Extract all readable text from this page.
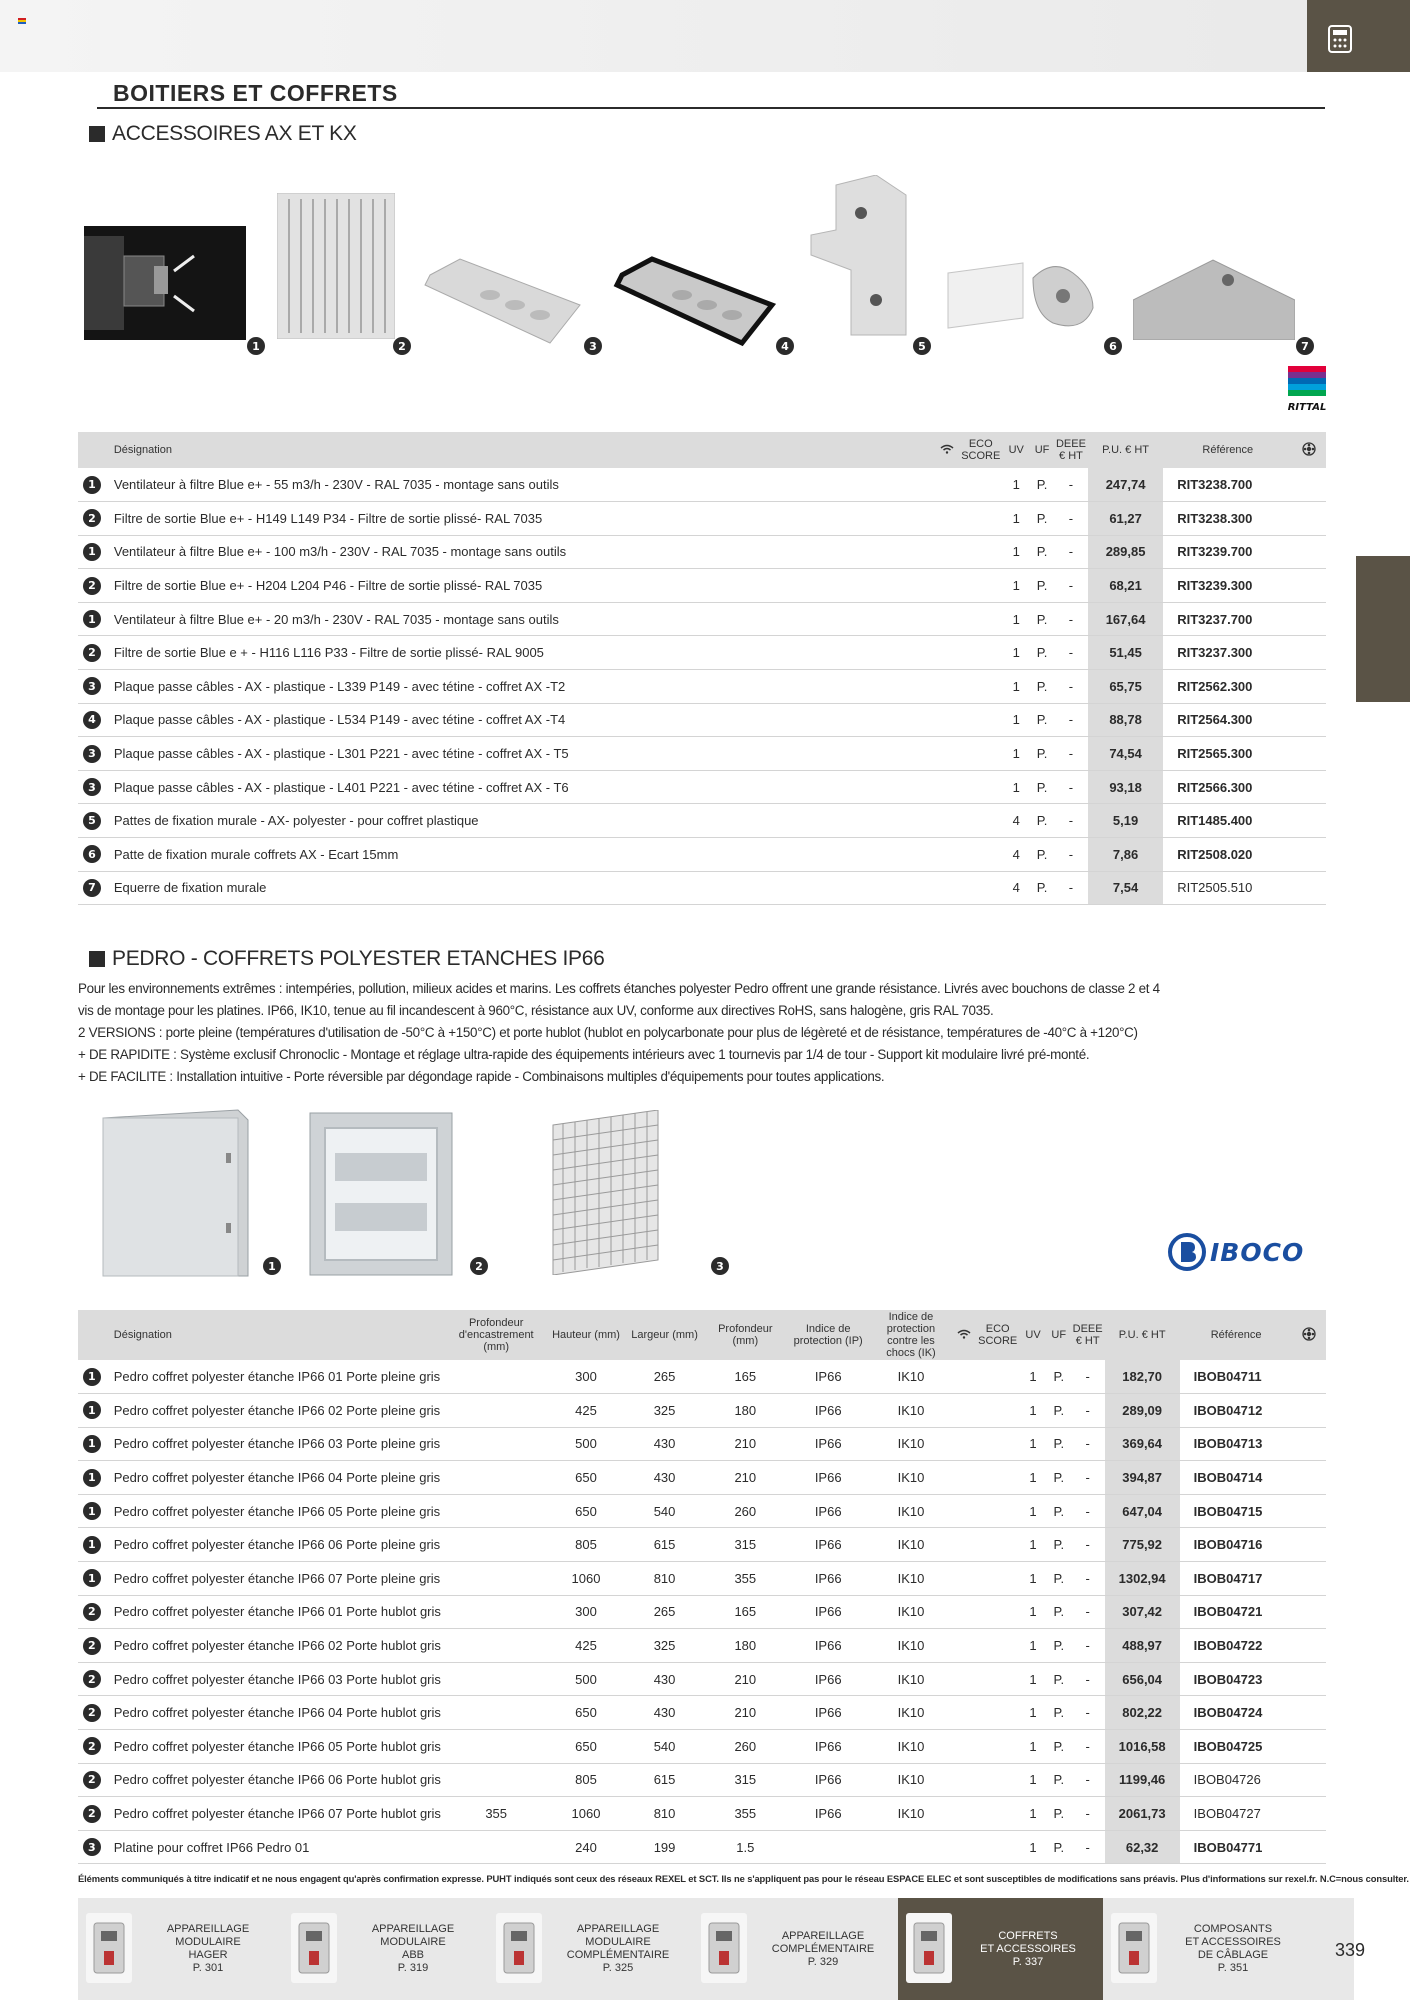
BOITIERS ET COFFRETS
ACCESSOIRES AX ET KX
1	2	3	4	5	6	7
RITTAL
	Désignation		ECO SCORE	UV	UF	DEEE € HT	P.U. € HT	Référence	
1	Ventilateur à filtre Blue e+ - 55 m3/h - 230V - RAL 7035 - montage sans outils			1	P.	-	247,74	RIT3238.700	
2	Filtre de sortie Blue e+ - H149 L149 P34 - Filtre de sortie plissé- RAL 7035			1	P.	-	61,27	RIT3238.300	
1	Ventilateur à filtre Blue e+ - 100 m3/h - 230V - RAL 7035 - montage sans outils			1	P.	-	289,85	RIT3239.700	
2	Filtre de sortie Blue e+ - H204 L204 P46 - Filtre de sortie plissé- RAL 7035			1	P.	-	68,21	RIT3239.300	
1	Ventilateur à filtre Blue e+ - 20 m3/h - 230V - RAL 7035 - montage sans outils			1	P.	-	167,64	RIT3237.700	
2	Filtre de sortie Blue e + - H116 L116 P33 - Filtre de sortie plissé- RAL 9005			1	P.	-	51,45	RIT3237.300	
3	Plaque passe câbles - AX - plastique - L339 P149 - avec tétine - coffret AX -T2			1	P.	-	65,75	RIT2562.300	
4	Plaque passe câbles - AX - plastique - L534 P149 - avec tétine - coffret AX -T4			1	P.	-	88,78	RIT2564.300	
3	Plaque passe câbles - AX - plastique - L301 P221 - avec tétine - coffret AX - T5			1	P.	-	74,54	RIT2565.300	
3	Plaque passe câbles - AX - plastique - L401 P221 - avec tétine - coffret AX - T6			1	P.	-	93,18	RIT2566.300	
5	Pattes de fixation murale - AX- polyester - pour coffret plastique			4	P.	-	5,19	RIT1485.400	
6	Patte de fixation murale coffrets AX - Ecart 15mm			4	P.	-	7,86	RIT2508.020	
7	Equerre de fixation murale			4	P.	-	7,54	RIT2505.510	
PEDRO - COFFRETS POLYESTER ETANCHES IP66

Pour les environnements extrêmes : intempéries, pollution, milieux acides et marins. Les coffrets étanches polyester Pedro offrent une grande résistance. Livrés avec bouchons de classe 2 et 4

vis de montage pour les platines. IP66, IK10, tenue au fil incandescent à 960°C, résistance aux UV, conforme aux directives RoHS, sans halogène, gris RAL 7035.

2 VERSIONS : porte pleine (températures d'utilisation de -50°C à +150°C) et porte hublot (hublot en polycarbonate pour plus de légèreté et de résistance, températures de -40°C à +120°C)

+ DE RAPIDITE : Système exclusif Chronoclic - Montage et réglage ultra-rapide des équipements intérieurs avec 1 tournevis par 1/4 de tour - Support kit modulaire livré pré-monté.

+ DE FACILITE : Installation intuitive - Porte réversible par dégondage rapide - Combinaisons multiples d'équipements pour toutes applications.

1	2	3	IBOCO
	Désignation	Profondeur d'encastrement (mm)	Hauteur (mm)	Largeur (mm)	Profondeur (mm)	Indice de protection (IP)	Indice de protection contre les chocs (IK)		ECO SCORE	UV	UF	DEEE € HT	P.U. € HT	Référence	
1	Pedro coffret polyester étanche IP66 01 Porte pleine gris		300	265	165	IP66	IK10			1	P.	-	182,70	IBOB04711	
1	Pedro coffret polyester étanche IP66 02 Porte pleine gris		425	325	180	IP66	IK10			1	P.	-	289,09	IBOB04712	
1	Pedro coffret polyester étanche IP66 03 Porte pleine gris		500	430	210	IP66	IK10			1	P.	-	369,64	IBOB04713	
1	Pedro coffret polyester étanche IP66 04 Porte pleine gris		650	430	210	IP66	IK10			1	P.	-	394,87	IBOB04714	
1	Pedro coffret polyester étanche IP66 05 Porte pleine gris		650	540	260	IP66	IK10			1	P.	-	647,04	IBOB04715	
1	Pedro coffret polyester étanche IP66 06 Porte pleine gris		805	615	315	IP66	IK10			1	P.	-	775,92	IBOB04716	
1	Pedro coffret polyester étanche IP66 07 Porte pleine gris		1060	810	355	IP66	IK10			1	P.	-	1302,94	IBOB04717	
2	Pedro coffret polyester étanche IP66 01 Porte hublot gris		300	265	165	IP66	IK10			1	P.	-	307,42	IBOB04721	
2	Pedro coffret polyester étanche IP66 02 Porte hublot gris		425	325	180	IP66	IK10			1	P.	-	488,97	IBOB04722	
2	Pedro coffret polyester étanche IP66 03 Porte hublot gris		500	430	210	IP66	IK10			1	P.	-	656,04	IBOB04723	
2	Pedro coffret polyester étanche IP66 04 Porte hublot gris		650	430	210	IP66	IK10			1	P.	-	802,22	IBOB04724	
2	Pedro coffret polyester étanche IP66 05 Porte hublot gris		650	540	260	IP66	IK10			1	P.	-	1016,58	IBOB04725	
2	Pedro coffret polyester étanche IP66 06 Porte hublot gris		805	615	315	IP66	IK10			1	P.	-	1199,46	IBOB04726	
2	Pedro coffret polyester étanche IP66 07 Porte hublot gris	355	1060	810	355	IP66	IK10			1	P.	-	2061,73	IBOB04727	
3	Platine pour coffret IP66 Pedro 01		240	199	1.5					1	P.	-	62,32	IBOB04771	
Éléments communiqués à titre indicatif et ne nous engagent qu'après confirmation expresse. PUHT indiqués sont ceux des réseaux REXEL et SCT. Ils ne s'appliquent pas pour le réseau ESPACE ELEC et sont susceptibles de modifications sans préavis. Plus d'informations sur rexel.fr. N.C=nous consulter.
APPAREILLAGE
MODULAIRE
HAGER
P. 301
APPAREILLAGE
MODULAIRE
ABB
P. 319
APPAREILLAGE
MODULAIRE
COMPLÉMENTAIRE
P. 325
APPAREILLAGE
COMPLÉMENTAIRE
P. 329
COFFRETS
ET ACCESSOIRES
P. 337
COMPOSANTS
ET ACCESSOIRES
DE CÂBLAGE
P. 351
339
